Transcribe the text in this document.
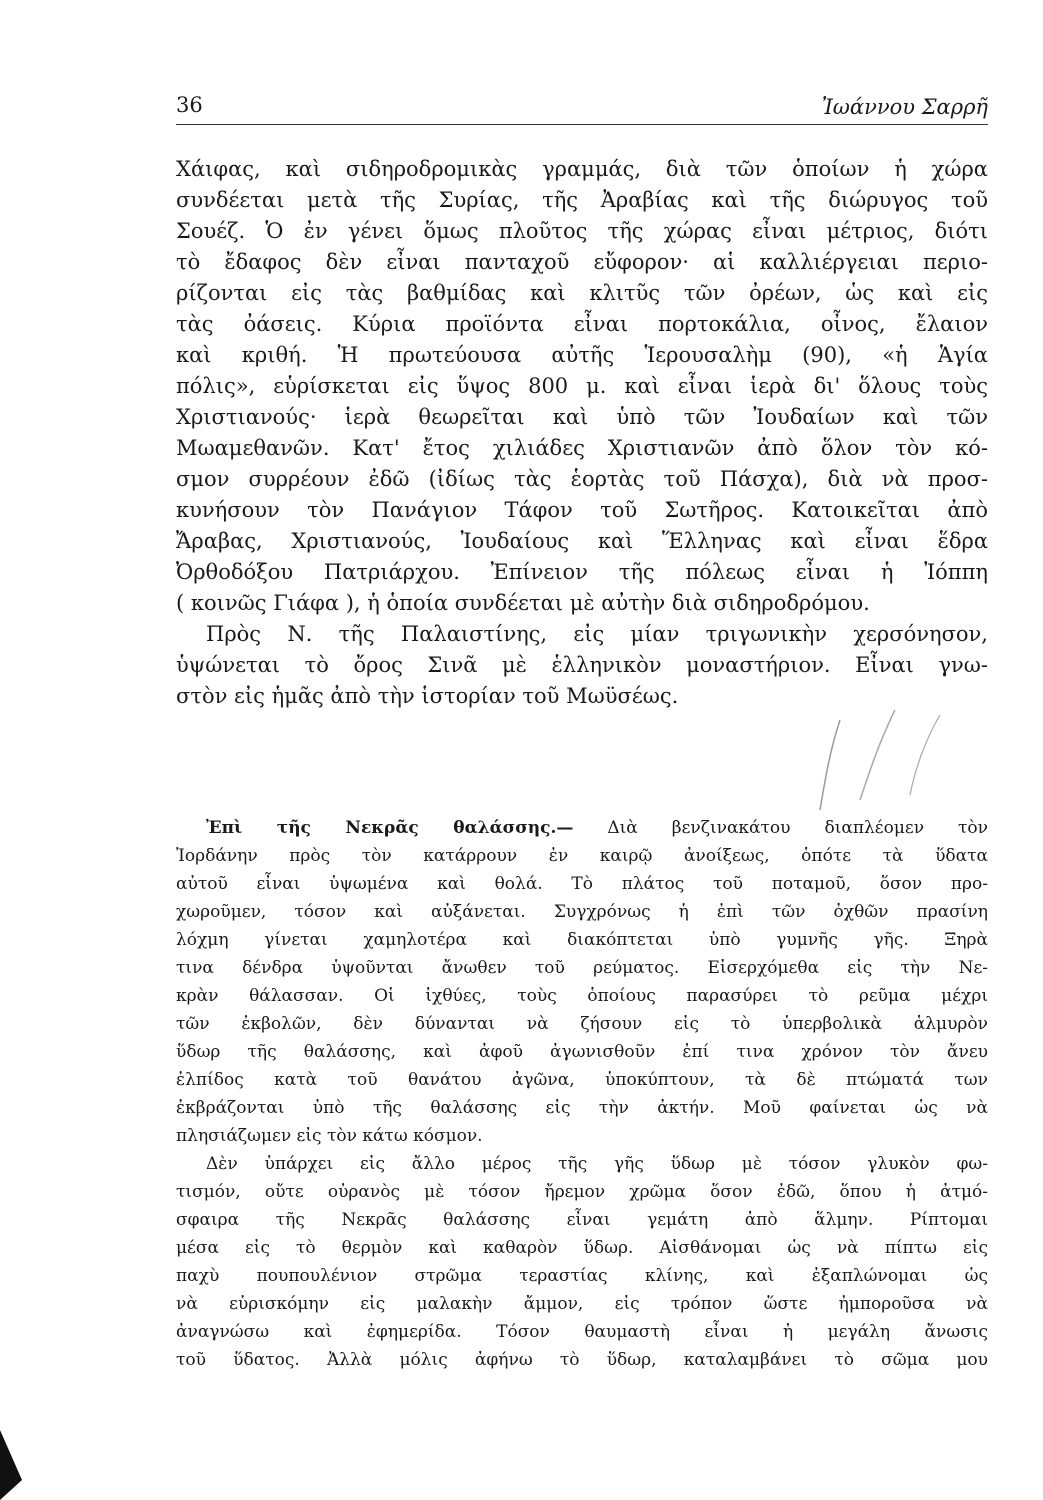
36	Ἰωάννου Σαρρῆ
Χάιφας, καὶ σιδηροδρομικὰς γραμμάς, διὰ τῶν ὁποίων ἡ χώρα
συνδέεται μετὰ τῆς Συρίας, τῆς Ἀραβίας καὶ τῆς διώρυγος τοῦ
Σουέζ. Ὁ ἐν γένει ὅμως πλοῦτος τῆς χώρας εἶναι μέτριος, διότι
τὸ ἔδαφος δὲν εἶναι πανταχοῦ εὔφορον· αἱ καλλιέργειαι περιο-
ρίζονται εἰς τὰς βαθμίδας καὶ κλιτῦς τῶν ὀρέων, ὡς καὶ εἰς
τὰς ὀάσεις. Κύρια προϊόντα εἶναι πορτοκάλια, οἶνος, ἔλαιον
καὶ κριθή. Ἡ πρωτεύουσα αὐτῆς Ἱερουσαλὴμ (90), «ἡ Ἁγία
πόλις», εὑρίσκεται εἰς ὕψος 800 μ. καὶ εἶναι ἱερὰ δι' ὅλους τοὺς
Χριστιανούς· ἱερὰ θεωρεῖται καὶ ὑπὸ τῶν Ἰουδαίων καὶ τῶν
Μωαμεθανῶν. Κατ' ἔτος χιλιάδες Χριστιανῶν ἀπὸ ὅλον τὸν κό-
σμον συρρέουν ἐδῶ (ἰδίως τὰς ἑορτὰς τοῦ Πάσχα), διὰ νὰ προσ-
κυνήσουν τὸν Πανάγιον Τάφον τοῦ Σωτῆρος. Κατοικεῖται ἀπὸ
Ἄραβας, Χριστιανούς, Ἰουδαίους καὶ Ἕλληνας καὶ εἶναι ἕδρα
Ὀρθοδόξου Πατριάρχου. Ἐπίνειον τῆς πόλεως εἶναι ἡ Ἰόππη
( κοινῶς Γιάφα ), ἡ ὁποία συνδέεται μὲ αὐτὴν διὰ σιδηροδρόμου.
Πρὸς Ν. τῆς Παλαιστίνης, εἰς μίαν τριγωνικὴν χερσόνησον,
ὑψώνεται τὸ ὄρος Σινᾶ μὲ ἑλληνικὸν μοναστήριον. Εἶναι γνω-
στὸν εἰς ἡμᾶς ἀπὸ τὴν ἱστορίαν τοῦ Μωϋσέως.
Ἐπὶ τῆς Νεκρᾶς θαλάσσης.— Διὰ βενζινακάτου διαπλέομεν τὸν
Ἰορδάνην πρὸς τὸν κατάρρουν ἐν καιρῷ ἀνοίξεως, ὁπότε τὰ ὕδατα
αὐτοῦ εἶναι ὑψωμένα καὶ θολά. Τὸ πλάτος τοῦ ποταμοῦ, ὅσον προ-
χωροῦμεν, τόσον καὶ αὐξάνεται. Συγχρόνως ἡ ἐπὶ τῶν ὀχθῶν πρασίνη
λόχμη γίνεται χαμηλοτέρα καὶ διακόπτεται ὑπὸ γυμνῆς γῆς. Ξηρὰ
τινα δένδρα ὑψοῦνται ἄνωθεν τοῦ ρεύματος. Εἰσερχόμεθα εἰς τὴν Νε-
κρὰν θάλασσαν. Οἱ ἰχθύες, τοὺς ὁποίους παρασύρει τὸ ρεῦμα μέχρι
τῶν ἐκβολῶν, δὲν δύνανται νὰ ζήσουν εἰς τὸ ὑπερβολικὰ ἁλμυρὸν
ὕδωρ τῆς θαλάσσης, καὶ ἀφοῦ ἀγωνισθοῦν ἐπί τινα χρόνον τὸν ἄνευ
ἐλπίδος κατὰ τοῦ θανάτου ἀγῶνα, ὑποκύπτουν, τὰ δὲ πτώματά των
ἐκβράζονται ὑπὸ τῆς θαλάσσης εἰς τὴν ἀκτήν. Μοῦ φαίνεται ὡς νὰ
πλησιάζωμεν εἰς τὸν κάτω κόσμον.
Δὲν ὑπάρχει εἰς ἄλλο μέρος τῆς γῆς ὕδωρ μὲ τόσον γλυκὸν φω-
τισμόν, οὔτε οὐρανὸς μὲ τόσον ἤρεμον χρῶμα ὅσον ἐδῶ, ὅπου ἡ ἀτμό-
σφαιρα τῆς Νεκρᾶς θαλάσσης εἶναι γεμάτη ἀπὸ ἅλμην. Ρίπτομαι
μέσα εἰς τὸ θερμὸν καὶ καθαρὸν ὕδωρ. Αἰσθάνομαι ὡς νὰ πίπτω εἰς
παχὺ πουπουλένιον στρῶμα τεραστίας κλίνης, καὶ ἐξαπλώνομαι ὡς
νὰ εὑρισκόμην εἰς μαλακὴν ἄμμον, εἰς τρόπον ὥστε ἠμποροῦσα νὰ
ἀναγνώσω καὶ ἐφημερίδα. Τόσον θαυμαστὴ εἶναι ἡ μεγάλη ἄνωσις
τοῦ ὕδατος. Ἀλλὰ μόλις ἀφήνω τὸ ὕδωρ, καταλαμβάνει τὸ σῶμα μου
